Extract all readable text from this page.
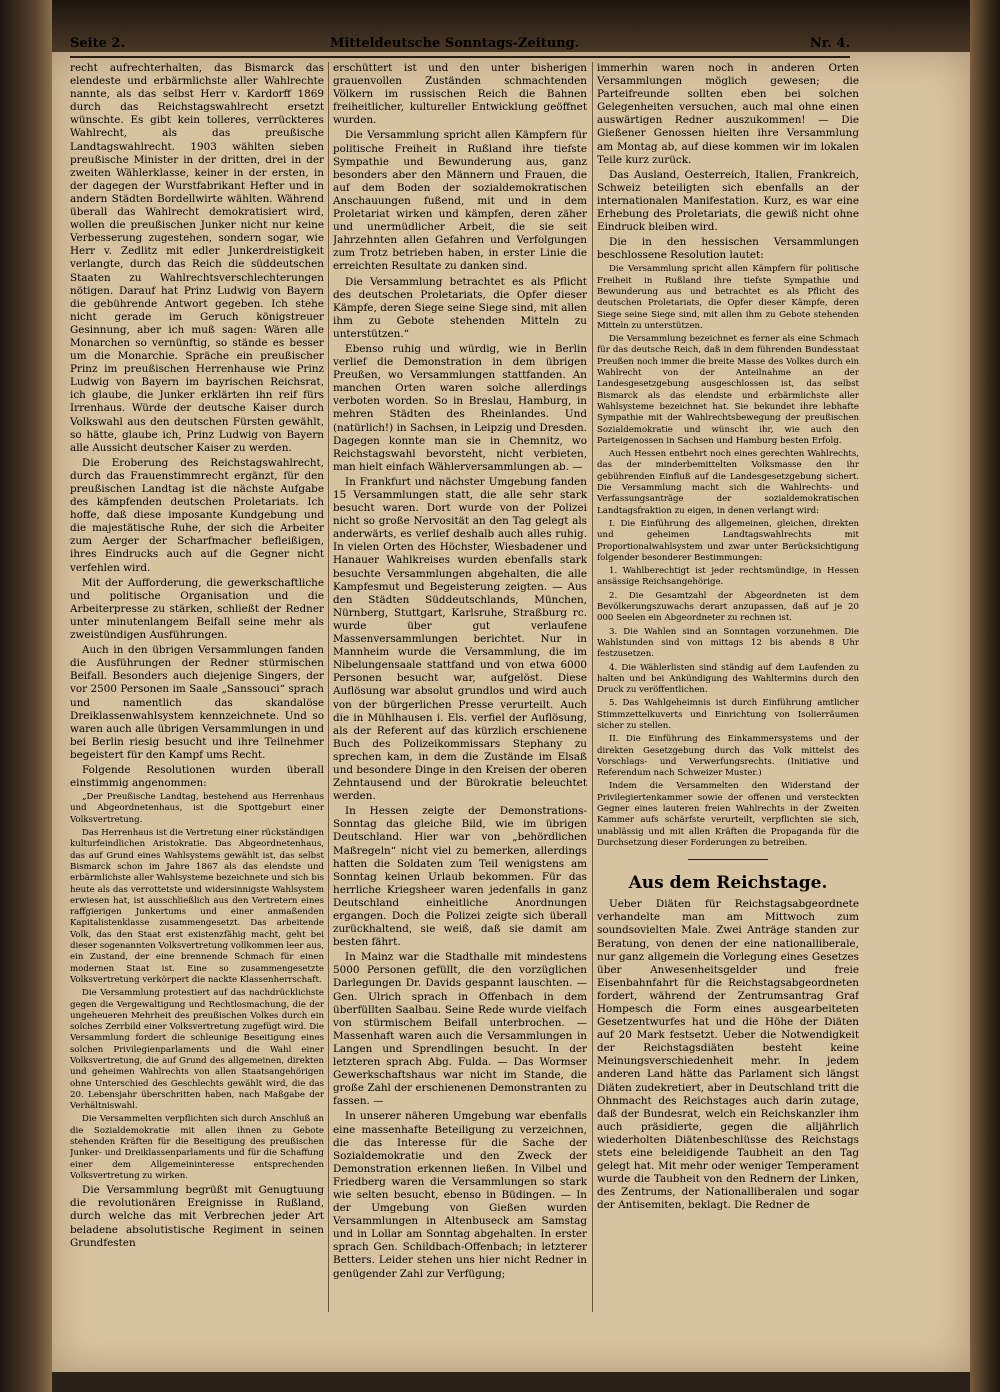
Seite 2.	Mitteldeutsche Sonntags-Zeitung.	Nr. 4.

recht aufrechterhalten, das Bismarck das elendeste und erbärmlichste aller Wahlrechte nannte, als das selbst Herr v. Kardorff 1869 durch das Reichstagswahlrecht ersetzt wünschte. Es gibt kein tolleres, verrückteres Wahlrecht, als das preußische Landtagswahlrecht. 1903 wählten sieben preußische Minister in der dritten, drei in der zweiten Wählerklasse, keiner in der ersten, in der dagegen der Wurstfabrikant Hefter und in andern Städten Bordellwirte wählten. Während überall das Wahlrecht demokratisiert wird, wollen die preußischen Junker nicht nur keine Verbesserung zugestehen, sondern sogar, wie Herr v. Zedlitz mit edler Junkerdreistigkeit verlangte, durch das Reich die süddeutschen Staaten zu Wahlrechtsverschlechterungen nötigen. Darauf hat Prinz Ludwig von Bayern die gebührende Antwort gegeben. Ich stehe nicht gerade im Geruch königstreuer Gesinnung, aber ich muß sagen: Wären alle Monarchen so vernünftig, so stände es besser um die Monarchie. Spräche ein preußischer Prinz im preußischen Herrenhause wie Prinz Ludwig von Bayern im bayrischen Reichsrat, ich glaube, die Junker erklärten ihn reif fürs Irrenhaus. Würde der deutsche Kaiser durch Volkswahl aus den deutschen Fürsten gewählt, so hätte, glaube ich, Prinz Ludwig von Bayern alle Aussicht deutscher Kaiser zu werden.

Die Eroberung des Reichstagswahlrecht, durch das Frauenstimmrecht ergänzt, für den preußischen Landtag ist die nächste Aufgabe des kämpfenden deutschen Proletariats. Ich hoffe, daß diese imposante Kundgebung und die majestätische Ruhe, der sich die Arbeiter zum Aerger der Scharfmacher befleißigen, ihres Eindrucks auch auf die Gegner nicht verfehlen wird.

Mit der Aufforderung, die gewerkschaftliche und politische Organisation und die Arbeiterpresse zu stärken, schließt der Redner unter minutenlangem Beifall seine mehr als zweistündigen Ausführungen.

Auch in den übrigen Versammlungen fanden die Ausführungen der Redner stürmischen Beifall. Besonders auch diejenige Singers, der vor 2500 Personen im Saale „Sanssouci“ sprach und namentlich das skandalöse Dreiklassenwahlsystem kennzeichnete. Und so waren auch alle übrigen Versammlungen in und bei Berlin riesig besucht und ihre Teilnehmer begeistert für den Kampf ums Recht.

Folgende Resolutionen wurden überall einstimmig angenommen:

„Der Preußische Landtag, bestehend aus Herrenhaus und Abgeordnetenhaus, ist die Spottgeburt einer Volksvertretung.

Das Herrenhaus ist die Vertretung einer rückständigen kulturfeindlichen Aristokratie. Das Abgeordnetenhaus, das auf Grund eines Wahlsystems gewählt ist, das selbst Bismarck schon im Jahre 1867 als das elendste und erbärmlichste aller Wahlsysteme bezeichnete und sich bis heute als das verrottetste und widersinnigste Wahlsystem erwiesen hat, ist ausschließlich aus den Vertretern eines raffgierigen Junkertums und einer anmaßenden Kapitalistenklasse zusammengesetzt. Das arbeitende Volk, das den Staat erst existenzfähig macht, geht bei dieser sogenannten Volksvertretung vollkommen leer aus, ein Zustand, der eine brennende Schmach für einen modernen Staat ist. Eine so zusammengesetzte Volksvertretung verkörpert die nackte Klassenherrschaft.

Die Versammlung protestiert auf das nachdrücklichste gegen die Vergewaltigung und Rechtlosmachung, die der ungeheueren Mehrheit des preußischen Volkes durch ein solches Zerrbild einer Volksvertretung zugefügt wird. Die Versammlung fordert die schleunige Beseitigung eines solchen Privilegienparlaments und die Wahl einer Volksvertretung, die auf Grund des allgemeinen, direkten und geheimen Wahlrechts von allen Staatsangehörigen ohne Unterschied des Geschlechts gewählt wird, die das 20. Lebensjahr überschritten haben, nach Maßgabe der Verhältniswahl.

Die Versammelten verpflichten sich durch Anschluß an die Sozialdemokratie mit allen ihnen zu Gebote stehenden Kräften für die Beseitigung des preußischen Junker- und Dreiklassenparlaments und für die Schaffung einer dem Allgemeininteresse entsprechenden Volksvertretung zu wirken.

Die Versammlung begrüßt mit Genugtuung die revolutionären Ereignisse in Rußland, durch welche das mit Verbrechen jeder Art beladene absolutistische Regiment in seinen Grundfesten

erschüttert ist und den unter bisherigen grauenvollen Zuständen schmachtenden Völkern im russischen Reich die Bahnen freiheitlicher, kultureller Entwicklung geöffnet wurden.

Die Versammlung spricht allen Kämpfern für politische Freiheit in Rußland ihre tiefste Sympathie und Bewunderung aus, ganz besonders aber den Männern und Frauen, die auf dem Boden der sozialdemokratischen Anschauungen fußend, mit und in dem Proletariat wirken und kämpfen, deren zäher und unermüdlicher Arbeit, die sie seit Jahrzehnten allen Gefahren und Verfolgungen zum Trotz betrieben haben, in erster Linie die erreichten Resultate zu danken sind.

Die Versammlung betrachtet es als Pflicht des deutschen Proletariats, die Opfer dieser Kämpfe, deren Siege seine Siege sind, mit allen ihm zu Gebote stehenden Mitteln zu unterstützen.“

Ebenso ruhig und würdig, wie in Berlin verlief die Demonstration in dem übrigen Preußen, wo Versammlungen stattfanden. An manchen Orten waren solche allerdings verboten worden. So in Breslau, Hamburg, in mehren Städten des Rheinlandes. Und (natürlich!) in Sachsen, in Leipzig und Dresden. Dagegen konnte man sie in Chemnitz, wo Reichstagswahl bevorsteht, nicht verbieten, man hielt einfach Wählerversammlungen ab. —

In Frankfurt und nächster Umgebung fanden 15 Versammlungen statt, die alle sehr stark besucht waren. Dort wurde von der Polizei nicht so große Nervosität an den Tag gelegt als anderwärts, es verlief deshalb auch alles ruhig. In vielen Orten des Höchster, Wiesbadener und Hanauer Wahlkreises wurden ebenfalls stark besuchte Versammlungen abgehalten, die alle Kampfesmut und Begeisterung zeigten. — Aus den Städten Süddeutschlands, München, Nürnberg, Stuttgart, Karlsruhe, Straßburg rc. wurde über gut verlaufene Massenversammlungen berichtet. Nur in Mannheim wurde die Versammlung, die im Nibelungensaale stattfand und von etwa 6000 Personen besucht war, aufgelöst. Diese Auflösung war absolut grundlos und wird auch von der bürgerlichen Presse verurteilt. Auch die in Mühlhausen i. Els. verfiel der Auflösung, als der Referent auf das kürzlich erschienene Buch des Polizeikommissars Stephany zu sprechen kam, in dem die Zustände im Elsaß und besondere Dinge in den Kreisen der oberen Zehntausend und der Bürokratie beleuchtet werden.

In Hessen zeigte der Demonstrations-Sonntag das gleiche Bild, wie im übrigen Deutschland. Hier war von „behördlichen Maßregeln“ nicht viel zu bemerken, allerdings hatten die Soldaten zum Teil wenigstens am Sonntag keinen Urlaub bekommen. Für das herrliche Kriegsheer waren jedenfalls in ganz Deutschland einheitliche Anordnungen ergangen. Doch die Polizei zeigte sich überall zurückhaltend, sie weiß, daß sie damit am besten fährt.

In Mainz war die Stadthalle mit mindestens 5000 Personen gefüllt, die den vorzüglichen Darlegungen Dr. Davids gespannt lauschten. — Gen. Ulrich sprach in Offenbach in dem überfüllten Saalbau. Seine Rede wurde vielfach von stürmischem Beifall unterbrochen. — Massenhaft waren auch die Versammlungen in Langen und Sprendlingen besucht. In der letzteren sprach Abg. Fulda. — Das Wormser Gewerkschaftshaus war nicht im Stande, die große Zahl der erschienenen Demonstranten zu fassen. —

In unserer näheren Umgebung war ebenfalls eine massenhafte Beteiligung zu verzeichnen, die das Interesse für die Sache der Sozialdemokratie und den Zweck der Demonstration erkennen ließen. In Vilbel und Friedberg waren die Versammlungen so stark wie selten besucht, ebenso in Büdingen. — In der Umgebung von Gießen wurden Versammlungen in Altenbuseck am Samstag und in Lollar am Sonntag abgehalten. In erster sprach Gen. Schildbach-Offenbach; in letzterer Betters. Leider stehen uns hier nicht Redner in genügender Zahl zur Verfügung;

immerhin waren noch in anderen Orten Versammlungen möglich gewesen; die Parteifreunde sollten eben bei solchen Gelegenheiten versuchen, auch mal ohne einen auswärtigen Redner auszukommen! — Die Gießener Genossen hielten ihre Versammlung am Montag ab, auf diese kommen wir im lokalen Teile kurz zurück.

Das Ausland, Oesterreich, Italien, Frankreich, Schweiz beteiligten sich ebenfalls an der internationalen Manifestation. Kurz, es war eine Erhebung des Proletariats, die gewiß nicht ohne Eindruck bleiben wird.

Die in den hessischen Versammlungen beschlossene Resolution lautet:

Die Versammlung spricht allen Kämpfern für politische Freiheit in Rußland ihre tiefste Sympathie und Bewunderung aus und betrachtet es als Pflicht des deutschen Proletariats, die Opfer dieser Kämpfe, deren Siege seine Siege sind, mit allen ihm zu Gebote stehenden Mitteln zu unterstützen.

Die Versammlung bezeichnet es ferner als eine Schmach für das deutsche Reich, daß in dem führenden Bundesstaat Preußen noch immer die breite Masse des Volkes durch ein Wahlrecht von der Anteilnahme an der Landesgesetzgebung ausgeschlossen ist, das selbst Bismarck als das elendste und erbärmlichste aller Wahlsysteme bezeichnet hat. Sie bekundet ihre lebhafte Sympathie mit der Wahlrechtsbewegung der preußischen Sozialdemokratie und wünscht ihr, wie auch den Parteigenossen in Sachsen und Hamburg besten Erfolg.

Auch Hessen entbehrt noch eines gerechten Wahlrechts, das der minderbemittelten Volksmasse den ihr gebührenden Einfluß auf die Landesgesetzgebung sichert. Die Versammlung macht sich die Wahlrechts- und Verfassungsanträge der sozialdemokratischen Landtagsfraktion zu eigen, in denen verlangt wird:

I. Die Einführung des allgemeinen, gleichen, direkten und geheimen Landtagswahlrechts mit Proportionalwahlsystem und zwar unter Berücksichtigung folgender besonderer Bestimmungen:

1. Wahlberechtigt ist jeder rechtsmündige, in Hessen ansässige Reichsangehörige.

2. Die Gesamtzahl der Abgeordneten ist dem Bevölkerungszuwachs derart anzupassen, daß auf je 20 000 Seelen ein Abgeordneter zu rechnen ist.

3. Die Wahlen sind an Sonntagen vorzunehmen. Die Wahlstunden sind von mittags 12 bis abends 8 Uhr festzusetzen.

4. Die Wählerlisten sind ständig auf dem Laufenden zu halten und bei Ankündigung des Wahltermins durch den Druck zu veröffentlichen.

5. Das Wahlgeheimnis ist durch Einführung amtlicher Stimmzettelkuverts und Einrichtung von Isolierräumen sicher zu stellen.

II. Die Einführung des Einkammersystems und der direkten Gesetzgebung durch das Volk mittelst des Vorschlags- und Verwerfungsrechts. (Initiative und Referendum nach Schweizer Muster.)

Indem die Versammelten den Widerstand der Privilegiertenkammer sowie der offenen und versteckten Gegner eines lauteren freien Wahlrechts in der Zweiten Kammer aufs schärfste verurteilt, verpflichten sie sich, unablässig und mit allen Kräften die Propaganda für die Durchsetzung dieser Forderungen zu betreiben.

Aus dem Reichstage.

Ueber Diäten für Reichstagsabgeordnete verhandelte man am Mittwoch zum soundsovielten Male. Zwei Anträge standen zur Beratung, von denen der eine nationalliberale, nur ganz allgemein die Vorlegung eines Gesetzes über Anwesenheitsgelder und freie Eisenbahnfahrt für die Reichstagsabgeordneten fordert, während der Zentrumsantrag Graf Hompesch die Form eines ausgearbeiteten Gesetzentwurfes hat und die Höhe der Diäten auf 20 Mark festsetzt. Ueber die Notwendigkeit der Reichstagsdiäten besteht keine Meinungsverschiedenheit mehr. In jedem anderen Land hätte das Parlament sich längst Diäten zudekretiert, aber in Deutschland tritt die Ohnmacht des Reichstages auch darin zutage, daß der Bundesrat, welch ein Reichskanzler ihm auch präsidierte, gegen die alljährlich wiederholten Diätenbeschlüsse des Reichstags stets eine beleidigende Taubheit an den Tag gelegt hat. Mit mehr oder weniger Temperament wurde die Taubheit von den Rednern der Linken, des Zentrums, der Nationalliberalen und sogar der Antisemiten, beklagt. Die Redner de
